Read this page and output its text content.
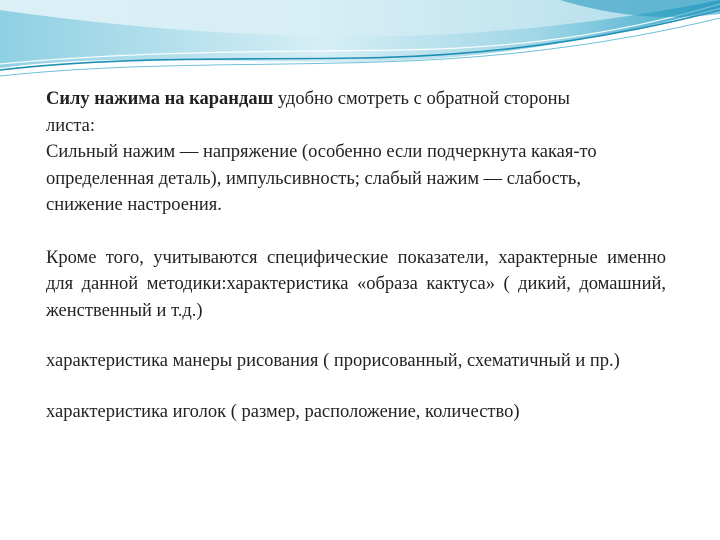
Силу нажима на карандаш удобно смотреть с обратной стороны листа:
Сильный нажим — напряжение (особенно если подчеркнута какая-то определенная деталь), импульсивность; слабый нажим — слабость, снижение настроения.

Кроме того, учитываются специфические показатели, характерные именно для данной методики:характеристика «образа кактуса» ( дикий, домашний, женственный и т.д.)

характеристика манеры рисования ( прорисованный, схематичный и пр.)

характеристика иголок ( размер, расположение, количество)
